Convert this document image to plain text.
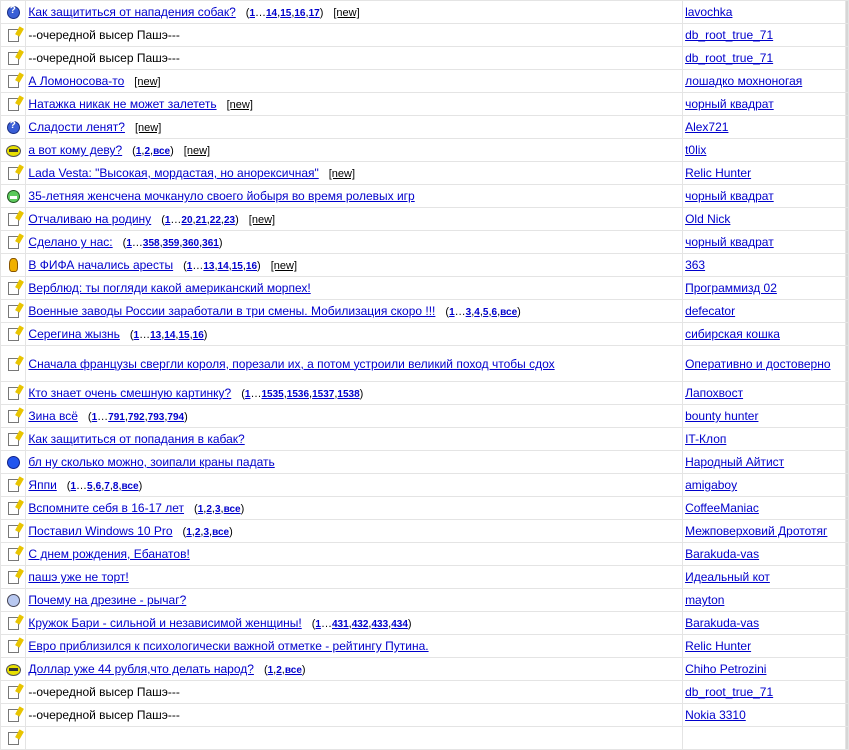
?	Как защититься от нападения собак? (1…14,15,16,17) [new]	lavochka	
	--очередной высер Пашэ---	db_root_true_71	
	--очередной высер Пашэ---	db_root_true_71	
	А Ломоносова-то [new]	лошадко мохноногая	
	Натажка никак не может залететь [new]	чорный квадрат	
?	Сладости ленят? [new]	Alex721	
	а вот кому деву? (1,2,все) [new]	t0lix	
	Lada Vesta: "Высокая, мордастая, но анорексичная" [new]	Relic Hunter	
	35-летняя женсчена мочкануло своего йобыря во время ролевых игр	чорный квадрат	
	Отчаливаю на родину (1…20,21,22,23) [new]	Old Nick	
	Сделано у нас: (1…358,359,360,361)	чорный квадрат	
	В ФИФА начались аресты (1…13,14,15,16) [new]	363	
	Верблюд: ты погляди какой американский морпех!	Программизд 02	
	Военные заводы России заработали в три смены. Мобилизация скоро !!! (1…3,4,5,6,все)	defecator	
	Серегина жызнь (1…13,14,15,16)	сибирская кошка	
	Сначала французы свергли короля, порезали их, а потом устроили великий поход чтобы сдох	Оперативно и достоверно	
	Кто знает очень смешную картинку? (1…1535,1536,1537,1538)	Лапохвост	
	Зина всё (1…791,792,793,794)	bounty hunter	
	Как защититься от попадания в кабак?	IT-Клоп	
	бл ну сколько можно, зоипали краны падать	Народный Айтист	
	Яппи (1…5,6,7,8,все)	amigaboy	
	Вспомните себя в 16-17 лет (1,2,3,все)	CoffeeManiac	
	Поставил Windows 10 Pro (1,2,3,все)	Межповерховий Дрототяг	
	С днем рождения, Ебанатов!	Barakuda-vas	
	пашэ уже не торт!	Идеальный кот	
	Почему на дрезине - рычаг?	mayton	
	Кружок Бари - сильной и независимой женщины! (1…431,432,433,434)	Barakuda-vas	
	Евро приблизился к психологически важной отметке - рейтингу Путина.	Relic Hunter	
	Доллар уже 44 рубля,что делать народ? (1,2,все)	Chiho Petrozini	
	--очередной высер Пашэ---	db_root_true_71	
	--очередной высер Пашэ---	Nokia 3310	
